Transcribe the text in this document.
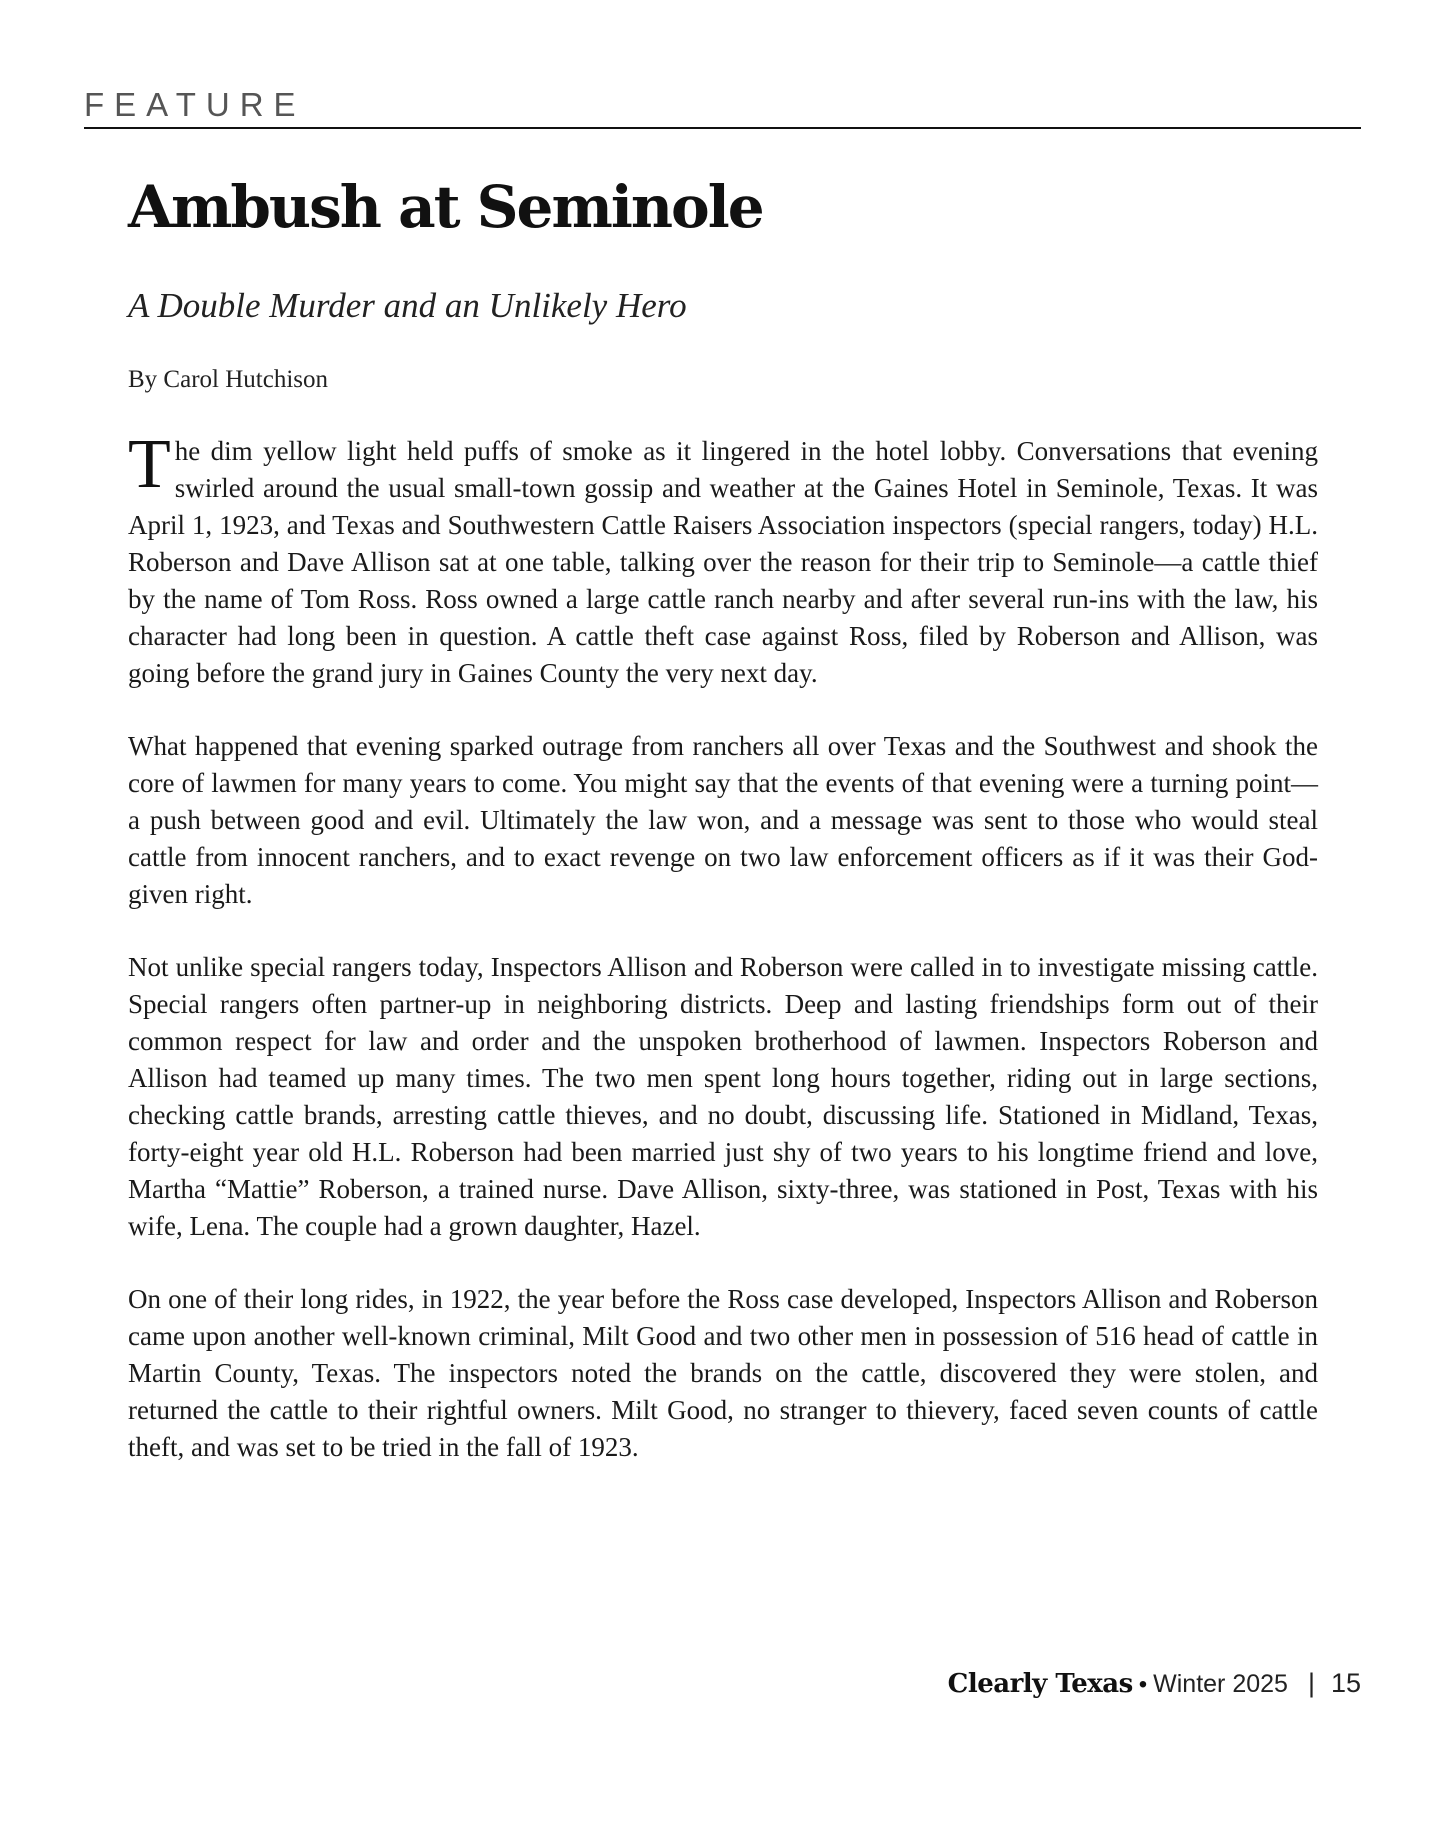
FEATURE
Ambush at Seminole
A Double Murder and an Unlikely Hero
By Carol Hutchison

The dim yellow light held puffs of smoke as it lingered in the hotel lobby. Conversations that evening swirled around the usual small-town gossip and weather at the Gaines Hotel in Seminole, Texas. It was April 1, 1923, and Texas and Southwestern Cattle Raisers Association inspectors (special rangers, today) H.L. Roberson and Dave Allison sat at one table, talking over the reason for their trip to Seminole—a cattle thief by the name of Tom Ross. Ross owned a large cattle ranch nearby and after several run-ins with the law, his character had long been in question. A cattle theft case against Ross, filed by Roberson and Allison, was going before the grand jury in Gaines County the very next day.

What happened that evening sparked outrage from ranchers all over Texas and the Southwest and shook the core of lawmen for many years to come. You might say that the events of that evening were a turning point—a push between good and evil. Ultimately the law won, and a message was sent to those who would steal cattle from innocent ranchers, and to exact revenge on two law enforcement officers as if it was their God-given right.

Not unlike special rangers today, Inspectors Allison and Roberson were called in to investigate missing cattle. Special rangers often partner-up in neighboring districts. Deep and lasting friendships form out of their common respect for law and order and the unspoken brotherhood of lawmen. Inspectors Roberson and Allison had teamed up many times. The two men spent long hours together, riding out in large sections, checking cattle brands, arresting cattle thieves, and no doubt, discussing life. Stationed in Midland, Texas, forty-eight year old H.L. Roberson had been married just shy of two years to his longtime friend and love, Martha “Mattie” Roberson, a trained nurse. Dave Allison, sixty-three, was stationed in Post, Texas with his wife, Lena. The couple had a grown daughter, Hazel.

On one of their long rides, in 1922, the year before the Ross case developed, Inspectors Allison and Roberson came upon another well-known criminal, Milt Good and two other men in possession of 516 head of cattle in Martin County, Texas. The inspectors noted the brands on the cattle, discovered they were stolen, and returned the cattle to their rightful owners. Milt Good, no stranger to thievery, faced seven counts of cattle theft, and was set to be tried in the fall of 1923.

Clearly Texas • Winter 2025 | 15
